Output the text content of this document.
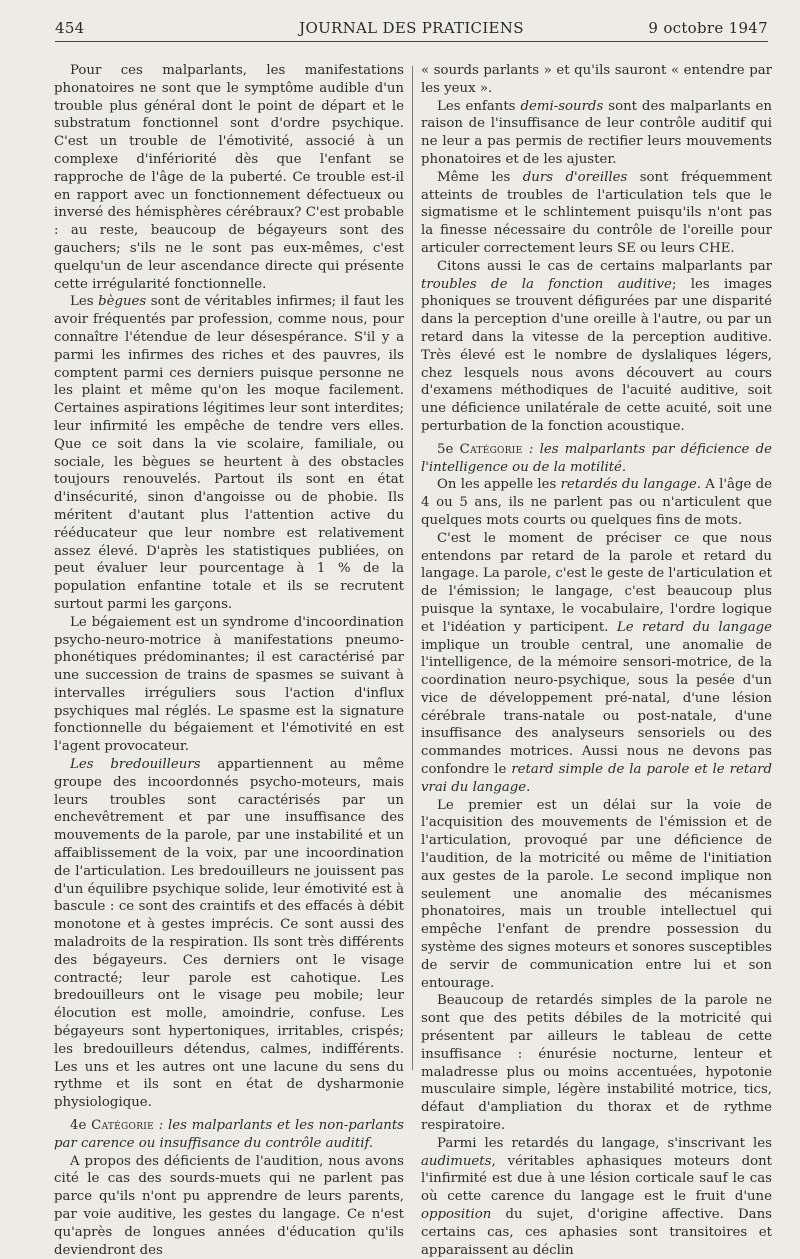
454	JOURNAL DES PRATICIENS	9 octobre 1947

Pour ces malparlants, les manifestations phonatoires ne sont que le symptôme audible d'un trouble plus général dont le point de départ et le substratum fonctionnel sont d'ordre psychique. C'est un trouble de l'émotivité, associé à un complexe d'infériorité dès que l'enfant se rapproche de l'âge de la puberté. Ce trouble est-il en rapport avec un fonctionnement défectueux ou inversé des hémisphères cérébraux? C'est probable : au reste, beaucoup de bégayeurs sont des gauchers; s'ils ne le sont pas eux-mêmes, c'est quelqu'un de leur ascendance directe qui présente cette irrégularité fonctionnelle.

Les bègues sont de véritables infirmes; il faut les avoir fréquentés par profession, comme nous, pour connaître l'étendue de leur désespérance. S'il y a parmi les infirmes des riches et des pauvres, ils comptent parmi ces derniers puisque personne ne les plaint et même qu'on les moque facilement. Certaines aspirations légitimes leur sont interdites; leur infirmité les empêche de tendre vers elles. Que ce soit dans la vie scolaire, familiale, ou sociale, les bègues se heurtent à des obstacles toujours renouvelés. Partout ils sont en état d'insécurité, sinon d'angoisse ou de phobie. Ils méritent d'autant plus l'attention active du rééducateur que leur nombre est relativement assez élevé. D'après les statistiques publiées, on peut évaluer leur pourcentage à 1 % de la population enfantine totale et ils se recrutent surtout parmi les garçons.

Le bégaiement est un syndrome d'incoordination psycho-neuro-motrice à manifestations pneumo-phonétiques prédominantes; il est caractérisé par une succession de trains de spasmes se suivant à intervalles irréguliers sous l'action d'influx psychiques mal réglés. Le spasme est la signature fonctionnelle du bégaiement et l'émotivité en est l'agent provocateur.

Les bredouilleurs appartiennent au même groupe des incoordonnés psycho-moteurs, mais leurs troubles sont caractérisés par un enchevêtrement et par une insuffisance des mouvements de la parole, par une instabilité et un affaiblissement de la voix, par une incoordination de l'articulation. Les bredouilleurs ne jouissent pas d'un équilibre psychique solide, leur émotivité est à bascule : ce sont des craintifs et des effacés à débit monotone et à gestes imprécis. Ce sont aussi des maladroits de la respiration. Ils sont très différents des bégayeurs. Ces derniers ont le visage contracté; leur parole est cahotique. Les bredouilleurs ont le visage peu mobile; leur élocution est molle, amoindrie, confuse. Les bégayeurs sont hypertoniques, irritables, crispés; les bredouilleurs détendus, calmes, indifférents. Les uns et les autres ont une lacune du sens du rythme et ils sont en état de dysharmonie physiologique.

4e Catégorie : les malparlants et les non-parlants par carence ou insuffisance du contrôle auditif.

A propos des déficients de l'audition, nous avons cité le cas des sourds-muets qui ne parlent pas parce qu'ils n'ont pu apprendre de leurs parents, par voie auditive, les gestes du langage. Ce n'est qu'après de longues années d'éducation qu'ils deviendront des

« sourds parlants » et qu'ils sauront « entendre par les yeux ».

Les enfants demi-sourds sont des malparlants en raison de l'insuffisance de leur contrôle auditif qui ne leur a pas permis de rectifier leurs mouvements phonatoires et de les ajuster.

Même les durs d'oreilles sont fréquemment atteints de troubles de l'articulation tels que le sigmatisme et le schlintement puisqu'ils n'ont pas la finesse nécessaire du contrôle de l'oreille pour articuler correctement leurs SE ou leurs CHE.

Citons aussi le cas de certains malparlants par troubles de la fonction auditive; les images phoniques se trouvent défigurées par une disparité dans la perception d'une oreille à l'autre, ou par un retard dans la vitesse de la perception auditive. Très élevé est le nombre de dyslaliques légers, chez lesquels nous avons découvert au cours d'examens méthodiques de l'acuité auditive, soit une déficience unilatérale de cette acuité, soit une perturbation de la fonction acoustique.

5e Catégorie : les malparlants par déficience de l'intelligence ou de la motilité.

On les appelle les retardés du langage. A l'âge de 4 ou 5 ans, ils ne parlent pas ou n'articulent que quelques mots courts ou quelques fins de mots.

C'est le moment de préciser ce que nous entendons par retard de la parole et retard du langage. La parole, c'est le geste de l'articulation et de l'émission; le langage, c'est beaucoup plus puisque la syntaxe, le vocabulaire, l'ordre logique et l'idéation y participent. Le retard du langage implique un trouble central, une anomalie de l'intelligence, de la mémoire sensori-motrice, de la coordination neuro-psychique, sous la pesée d'un vice de développement pré-natal, d'une lésion cérébrale trans-natale ou post-natale, d'une insuffisance des analyseurs sensoriels ou des commandes motrices. Aussi nous ne devons pas confondre le retard simple de la parole et le retard vrai du langage.

Le premier est un délai sur la voie de l'acquisition des mouvements de l'émission et de l'articulation, provoqué par une déficience de l'audition, de la motricité ou même de l'initiation aux gestes de la parole. Le second implique non seulement une anomalie des mécanismes phonatoires, mais un trouble intellectuel qui empêche l'enfant de prendre possession du système des signes moteurs et sonores susceptibles de servir de communication entre lui et son entourage.

Beaucoup de retardés simples de la parole ne sont que des petits débiles de la motricité qui présentent par ailleurs le tableau de cette insuffisance : énurésie nocturne, lenteur et maladresse plus ou moins accentuées, hypotonie musculaire simple, légère instabilité motrice, tics, défaut d'ampliation du thorax et de rythme respiratoire.

Parmi les retardés du langage, s'inscrivant les audimuets, véritables aphasiques moteurs dont l'infirmité est due à une lésion corticale sauf le cas où cette carence du langage est le fruit d'une opposition du sujet, d'origine affective. Dans certains cas, ces aphasies sont transitoires et apparaissent au déclin
